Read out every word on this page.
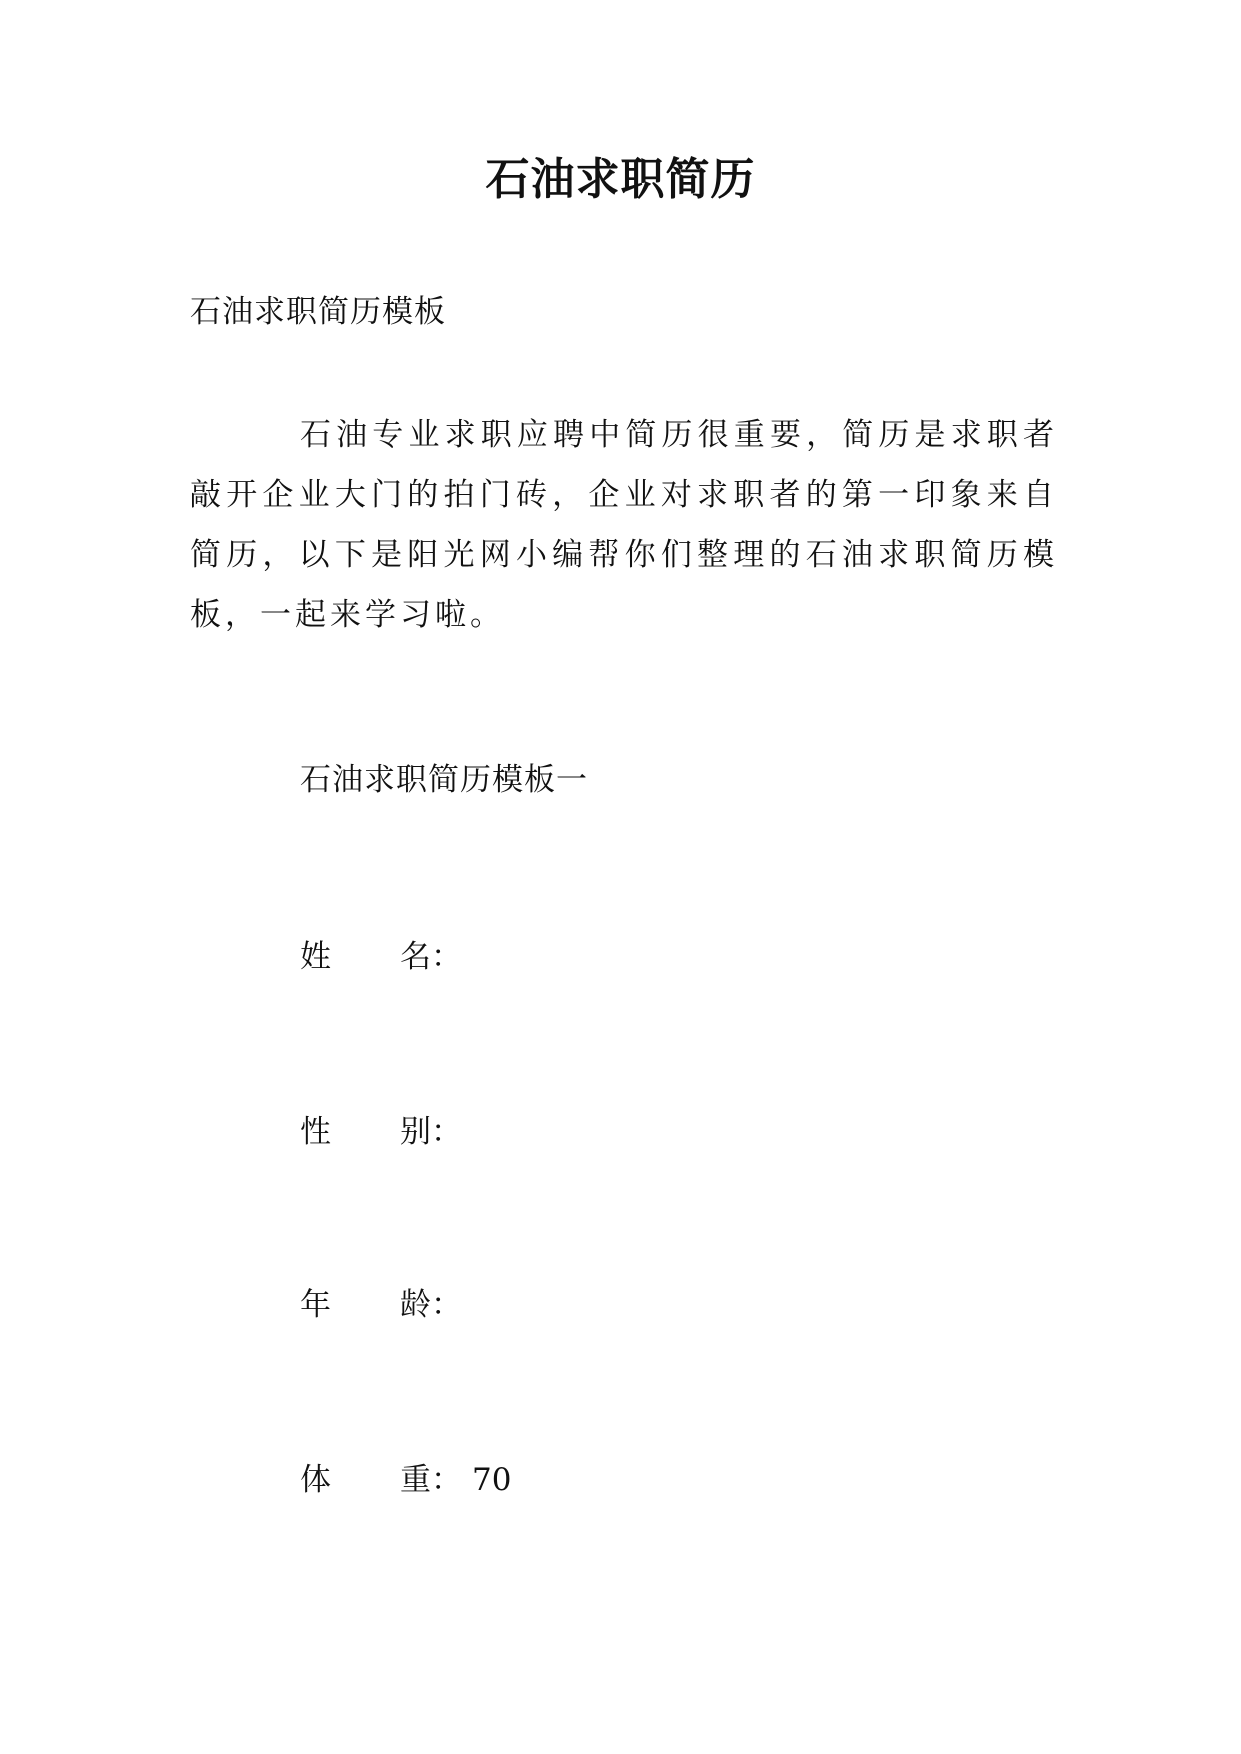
石油求职简历
石油求职简历模板

石油专业求职应聘中简历很重要，简历是求职者敲开企业大门的拍门砖，企业对求职者的第一印象来自简历，以下是阳光网小编帮你们整理的石油求职简历模板，一起来学习啦。

石油求职简历模板一
姓 名：
性 别：
年 龄：
体 重： 70
